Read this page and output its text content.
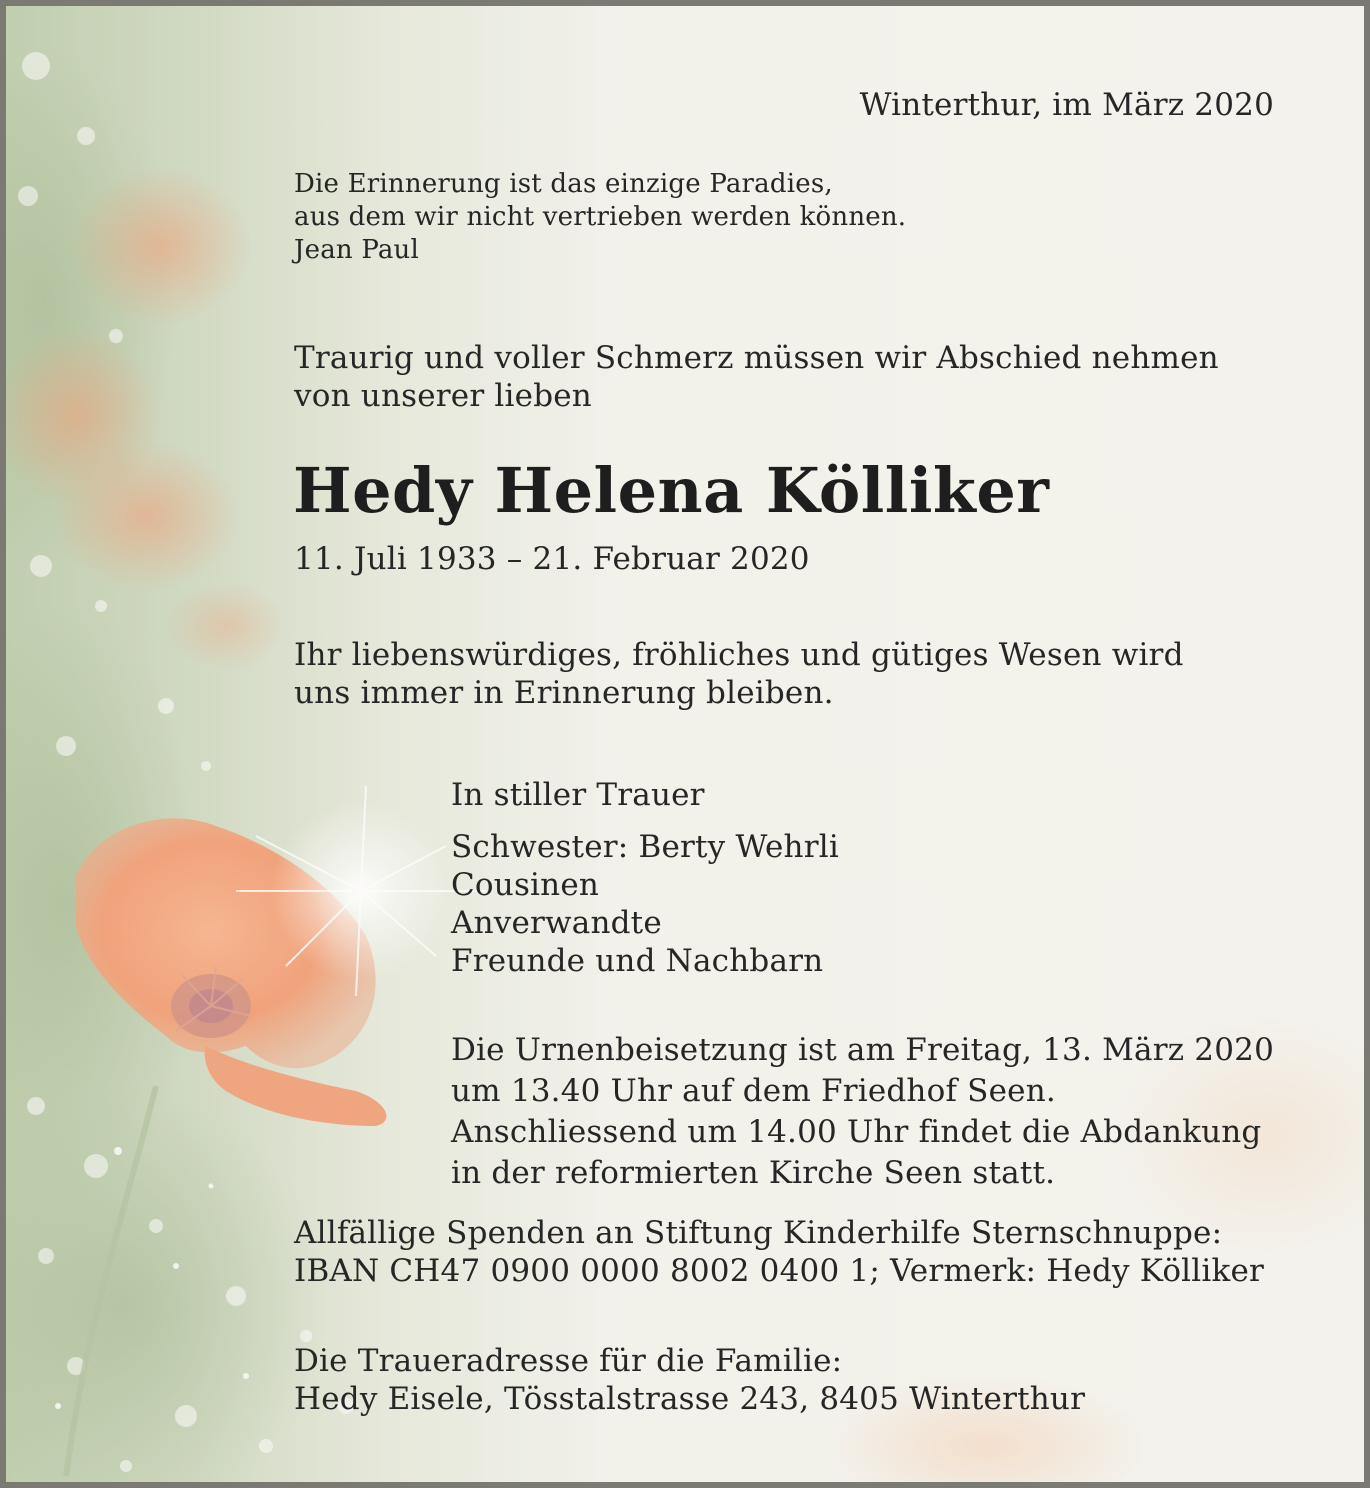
Winterthur, im März 2020
Die Erinnerung ist das einzige Paradies,
aus dem wir nicht vertrieben werden können.
Jean Paul
Traurig und voller Schmerz müssen wir Abschied nehmen
von unserer lieben
Hedy Helena Kölliker
11. Juli 1933 – 21. Februar 2020
Ihr liebenswürdiges, fröhliches und gütiges Wesen wird
uns immer in Erinnerung bleiben.
In stiller Trauer
Schwester: Berty Wehrli
Cousinen
Anverwandte
Freunde und Nachbarn
Die Urnenbeisetzung ist am Freitag, 13. März 2020
um 13.40 Uhr auf dem Friedhof Seen.
Anschliessend um 14.00 Uhr findet die Abdankung
in der reformierten Kirche Seen statt.
Allfällige Spenden an Stiftung Kinderhilfe Sternschnuppe:
IBAN CH47 0900 0000 8002 0400 1; Vermerk: Hedy Kölliker
Die Traueradresse für die Familie:
Hedy Eisele, Tösstalstrasse 243, 8405 Winterthur
